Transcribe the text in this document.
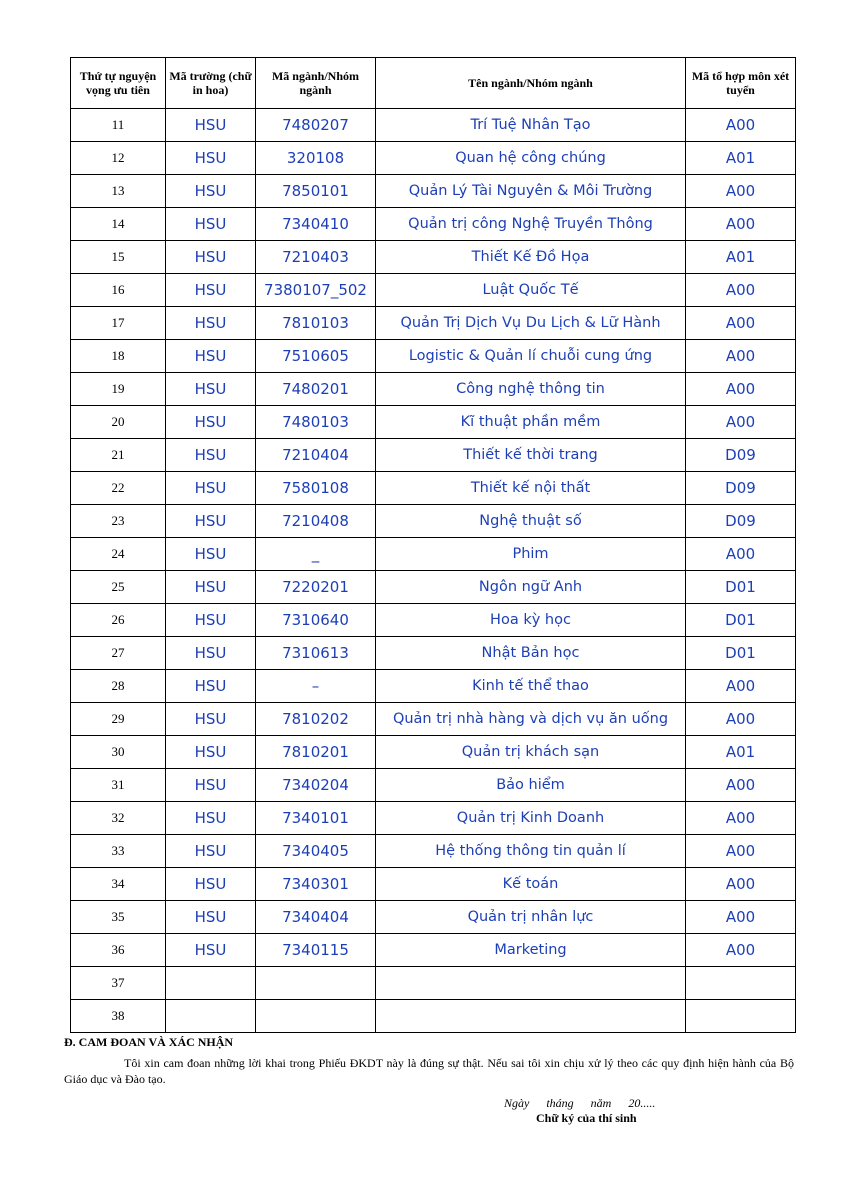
Thứ tự nguyện vọng ưu tiên	Mã trường (chữ in hoa)	Mã ngành/Nhóm ngành	Tên ngành/Nhóm ngành	Mã tổ hợp môn xét tuyển
11	HSU	7480207	Trí Tuệ Nhân Tạo	A00
12	HSU	320108	Quan hệ công chúng	A01
13	HSU	7850101	Quản Lý Tài Nguyên & Môi Trường	A00
14	HSU	7340410	Quản trị công Nghệ Truyền Thông	A00
15	HSU	7210403	Thiết Kế Đồ Họa	A01
16	HSU	7380107_502	Luật Quốc Tế	A00
17	HSU	7810103	Quản Trị Dịch Vụ Du Lịch & Lữ Hành	A00
18	HSU	7510605	Logistic & Quản lí chuỗi cung ứng	A00
19	HSU	7480201	Công nghệ thông tin	A00
20	HSU	7480103	Kĩ thuật phần mềm	A00
21	HSU	7210404	Thiết kế thời trang	D09
22	HSU	7580108	Thiết kế nội thất	D09
23	HSU	7210408	Nghệ thuật số	D09
24	HSU	_	Phim	A00
25	HSU	7220201	Ngôn ngữ Anh	D01
26	HSU	7310640	Hoa kỳ học	D01
27	HSU	7310613	Nhật Bản học	D01
28	HSU	–	Kinh tế thể thao	A00
29	HSU	7810202	Quản trị nhà hàng và dịch vụ ăn uống	A00
30	HSU	7810201	Quản trị khách sạn	A01
31	HSU	7340204	Bảo hiểm	A00
32	HSU	7340101	Quản trị Kinh Doanh	A00
33	HSU	7340405	Hệ thống thông tin quản lí	A00
34	HSU	7340301	Kế toán	A00
35	HSU	7340404	Quản trị nhân lực	A00
36	HSU	7340115	Marketing	A00
37				
38				
Đ. CAM ĐOAN VÀ XÁC NHẬN
Tôi xin cam đoan những lời khai trong Phiếu ĐKDT này là đúng sự thật. Nếu sai tôi xin chịu xử lý theo các quy định hiện hành của Bộ Giáo dục và Đào tạo.
Ngày tháng năm 20.....
Chữ ký của thí sinh
